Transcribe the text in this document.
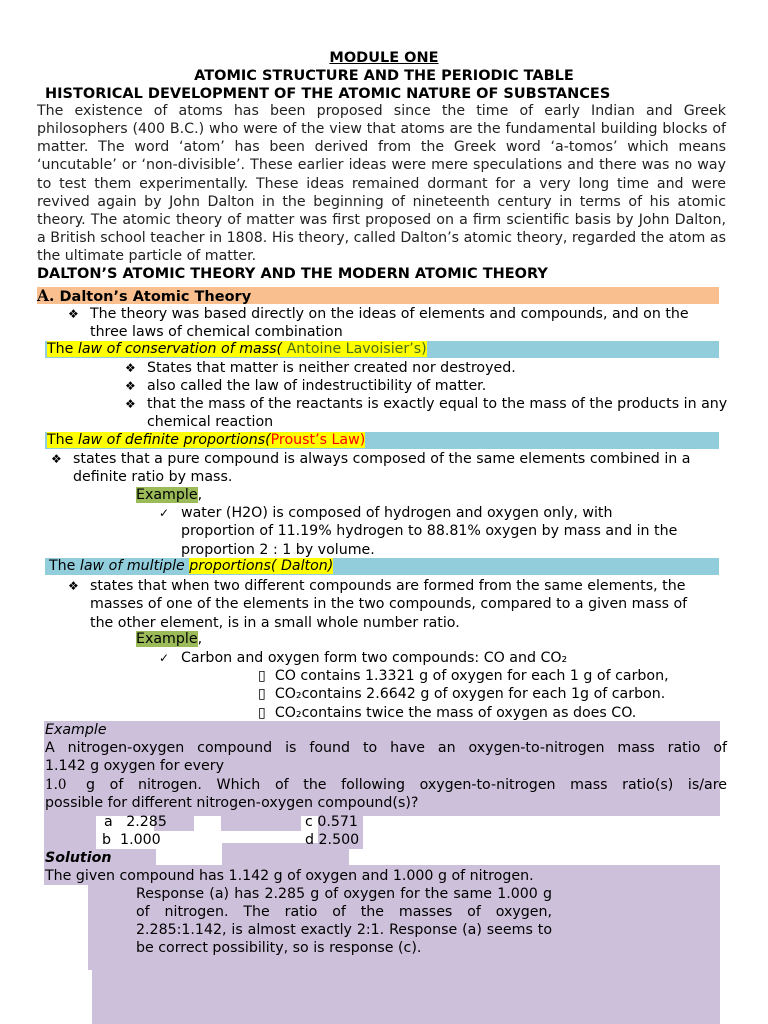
MODULE ONE
ATOMIC STRUCTURE AND THE PERIODIC TABLE
HISTORICAL DEVELOPMENT OF THE ATOMIC NATURE OF SUBSTANCES

The existence of atoms has been proposed since the time of early Indian and Greek philosophers (400 B.C.) who were of the view that atoms are the fundamental building blocks of matter. The word ‘atom’ has been derived from the Greek word ‘a-tomos’ which means ‘uncutable’ or ‘non-divisible’. These earlier ideas were mere speculations and there was no way to test them experimentally. These ideas remained dormant for a very long time and were revived again by John Dalton in the beginning of nineteenth century in terms of his atomic theory. The atomic theory of matter was first proposed on a firm scientific basis by John Dalton, a British school teacher in 1808. His theory, called Dalton’s atomic theory, regarded the atom as the ultimate particle of matter.

DALTON’S ATOMIC THEORY AND THE MODERN ATOMIC THEORY
A. Dalton’s Atomic Theory
❖ The theory was based directly on the ideas of elements and compounds, and on the three laws of chemical combination
The law of conservation of mass( Antoine Lavoisier’s)
❖ States that matter is neither created nor destroyed.
❖ also called the law of indestructibility of matter.
❖ that the mass of the reactants is exactly equal to the mass of the products in any chemical reaction
The law of definite proportions(Proust’s Law)
❖ states that a pure compound is always composed of the same elements combined in a definite ratio by mass.
Example,
✓ water (H2O) is composed of hydrogen and oxygen only, with proportion of 11.19% hydrogen to 88.81% oxygen by mass and in the proportion 2 : 1 by volume.
The law of multiple proportions( Dalton)
❖ states that when two different compounds are formed from the same elements, the masses of one of the elements in the two compounds, compared to a given mass of the other element, is in a small whole number ratio.
Example,
✓ Carbon and oxygen form two compounds: CO and CO₂
▯ CO contains 1.3321 g of oxygen for each 1 g of carbon,
▯ CO₂contains 2.6642 g of oxygen for each 1g of carbon.
▯ CO₂contains twice the mass of oxygen as does CO.
Example
A nitrogen-oxygen compound is found to have an oxygen-to-nitrogen mass ratio of
1.142 g oxygen for every
1.0 g of nitrogen. Which of the following oxygen-to-nitrogen mass ratio(s) is/are
possible for different nitrogen-oxygen compound(s)?
a 2.285
b 1.000
c 0.571
d 2.500
Solution
The given compound has 1.142 g of oxygen and 1.000 g of nitrogen.
Response (a) has 2.285 g of oxygen for the same 1.000 g of nitrogen. The ratio of the masses of oxygen, 2.285:1.142, is almost exactly 2:1. Response (a) seems to be correct possibility, so is response (c).
